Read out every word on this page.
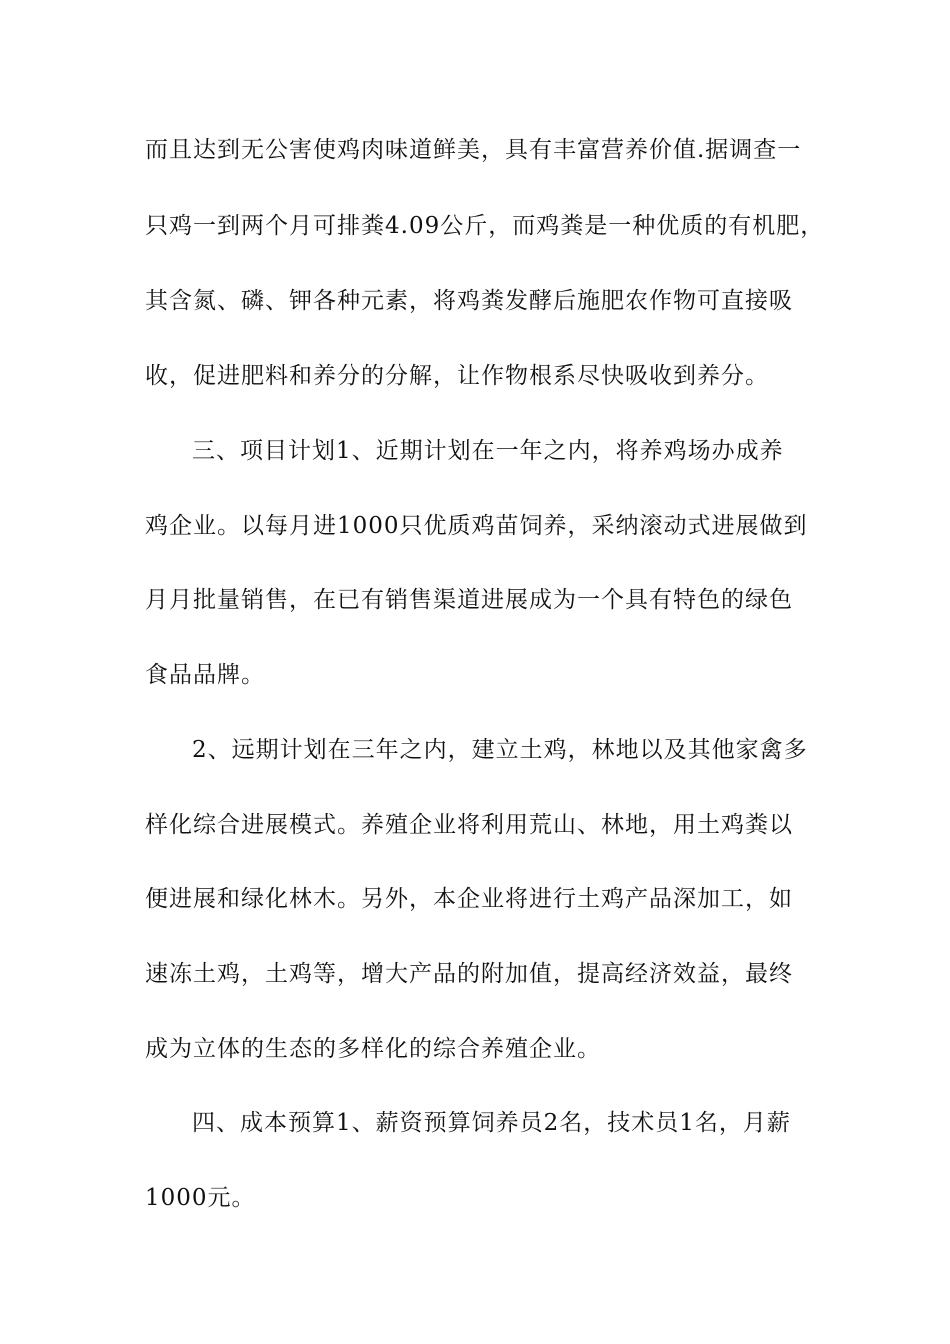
而且达到无公害使鸡肉味道鲜美，具有丰富营养价值.据调查一
只鸡一到两个月可排粪4.09公斤，而鸡粪是一种优质的有机肥，
其含氮、磷、钾各种元素，将鸡粪发酵后施肥农作物可直接吸
收，促进肥料和养分的分解，让作物根系尽快吸收到养分。
三、项目计划1、近期计划在一年之内，将养鸡场办成养
鸡企业。以每月进1000只优质鸡苗饲养，采纳滚动式进展做到
月月批量销售，在已有销售渠道进展成为一个具有特色的绿色
食品品牌。
2、远期计划在三年之内，建立土鸡，林地以及其他家禽多
样化综合进展模式。养殖企业将利用荒山、林地，用土鸡粪以
便进展和绿化林木。另外，本企业将进行土鸡产品深加工，如
速冻土鸡，土鸡等，增大产品的附加值，提高经济效益，最终
成为立体的生态的多样化的综合养殖企业。
四、成本预算1、薪资预算饲养员2名，技术员1名，月薪
1000元。
